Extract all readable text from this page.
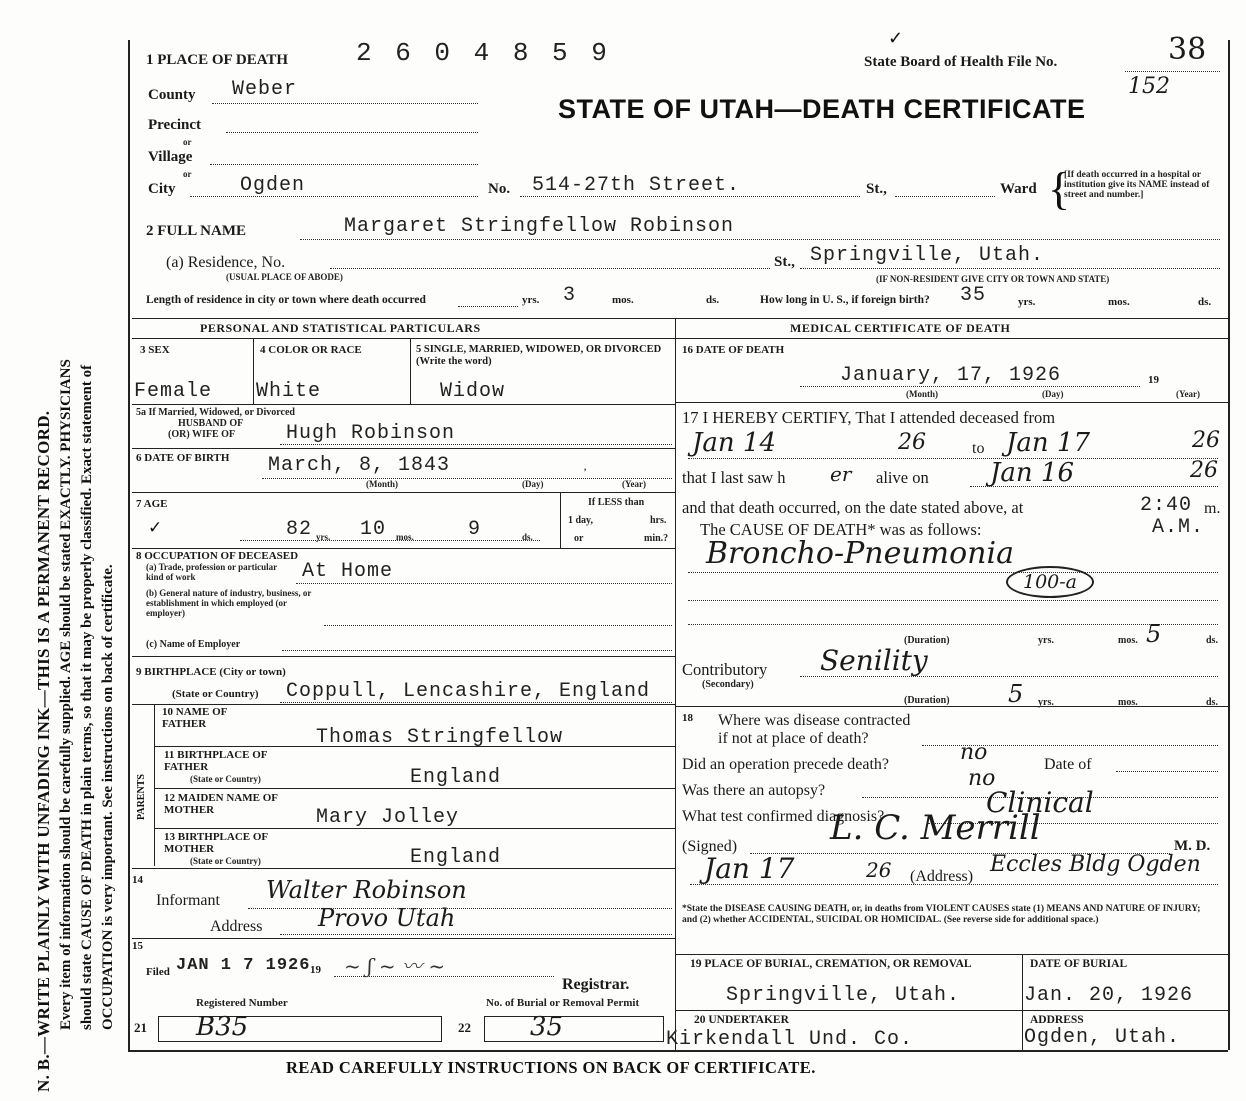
N. B.—WRITE PLAINLY WITH UNFADING INK—THIS IS A PERMANENT RECORD. Every item of information should be carefully supplied. AGE should be stated EXACTLY. PHYSICIANS should state CAUSE OF DEATH in plain terms, so that it may be properly classified. Exact statement of OCCUPATION is very important. See instructions on back of certificate.
1 PLACE OF DEATH	2 6 0 4 8 5 9	✓
State Board of Health File No.	38
152
STATE OF UTAH—DEATH CERTIFICATE
County Weber
Precinct
or
Village
or
City	Ogden	No. 514-27th Street.	St.,	Ward {
[If death occurred in a hospital or institution give its NAME instead of street and number.]
2 FULL NAME	Margaret Stringfellow Robinson
(a) Residence, No.
(USUAL PLACE OF ABODE)
St., Springville, Utah.
(IF NON-RESIDENT GIVE CITY OR TOWN AND STATE)
Length of residence in city or town where death occurred	yrs. 3	mos.	ds.	How long in U. S., if foreign birth? 35	yrs.	mos.	ds.
PERSONAL AND STATISTICAL PARTICULARS	MEDICAL CERTIFICATE OF DEATH
3 SEX	4 COLOR OR RACE	5 SINGLE, MARRIED, WIDOWED, OR DIVORCED (Write the word)
Female White	Widow
5a If Married, Widowed, or Divorced
HUSBAND OF
(OR) WIFE OF	Hugh Robinson
6 DATE OF BIRTH March, 8, 1843	,
(Month)	(Day)	(Year)
7 AGE
✓	82 yrs. 10 mos.	9	ds.
If LESS than
1 day,	hrs.
or	min.?
8 OCCUPATION OF DECEASED
(a) Trade, profession or particular kind of work	At Home
(b) General nature of industry, business, or establishment in which employed (or employer)
(c) Name of Employer
9 BIRTHPLACE (City or town)
(State or Country) Coppull, Lencashire, England
PARENTS
10 NAME OF FATHER
Thomas Stringfellow
11 BIRTHPLACE OF FATHER
(State or Country)	England
12 MAIDEN NAME OF MOTHER	Mary Jolley
13 BIRTHPLACE OF MOTHER
(State or Country)	England
14
Informant Walter Robinson
Address Provo Utah
15
Filed JAN 1 7 1926 19 ~ ʃ ~ 〰 ~
Registrar.
Registered Number	No. of Burial or Removal Permit
21 B35	22 35
16 DATE OF DEATH
January, 17, 1926	19
(Month)	(Day)	(Year)
17 I HEREBY CERTIFY, That I attended deceased from
Jan 14	26	to Jan 17	26
that I last saw h er alive on Jan 16	26
and that death occurred, on the date stated above, at	2:40 m.
The CAUSE OF DEATH* was as follows:	A.M.
Broncho-Pneumonia
100-a
(Duration)	yrs.	mos. 5	ds.
Contributory
(Secondary)
Senility
(Duration) 5 yrs.	mos.	ds.
18 Where was disease contracted
if not at place of death?
Did an operation precede death?	no	Date of
Was there an autopsy?	no
What test confirmed diagnosis?	Clinical
(Signed)	L. C. Merrill	M. D.
Jan 17	26 (Address) Eccles Bldg Ogden
*State the DISEASE CAUSING DEATH, or, in deaths from VIOLENT CAUSES state (1) MEANS AND NATURE OF INJURY; and (2) whether ACCIDENTAL, SUICIDAL OR HOMICIDAL. (See reverse side for additional space.)
19 PLACE OF BURIAL, CREMATION, OR REMOVAL	DATE OF BURIAL
Springville, Utah.	Jan. 20, 1926
20 UNDERTAKER	ADDRESS
Kirkendall Und. Co.	Ogden, Utah.
READ CAREFULLY INSTRUCTIONS ON BACK OF CERTIFICATE.
